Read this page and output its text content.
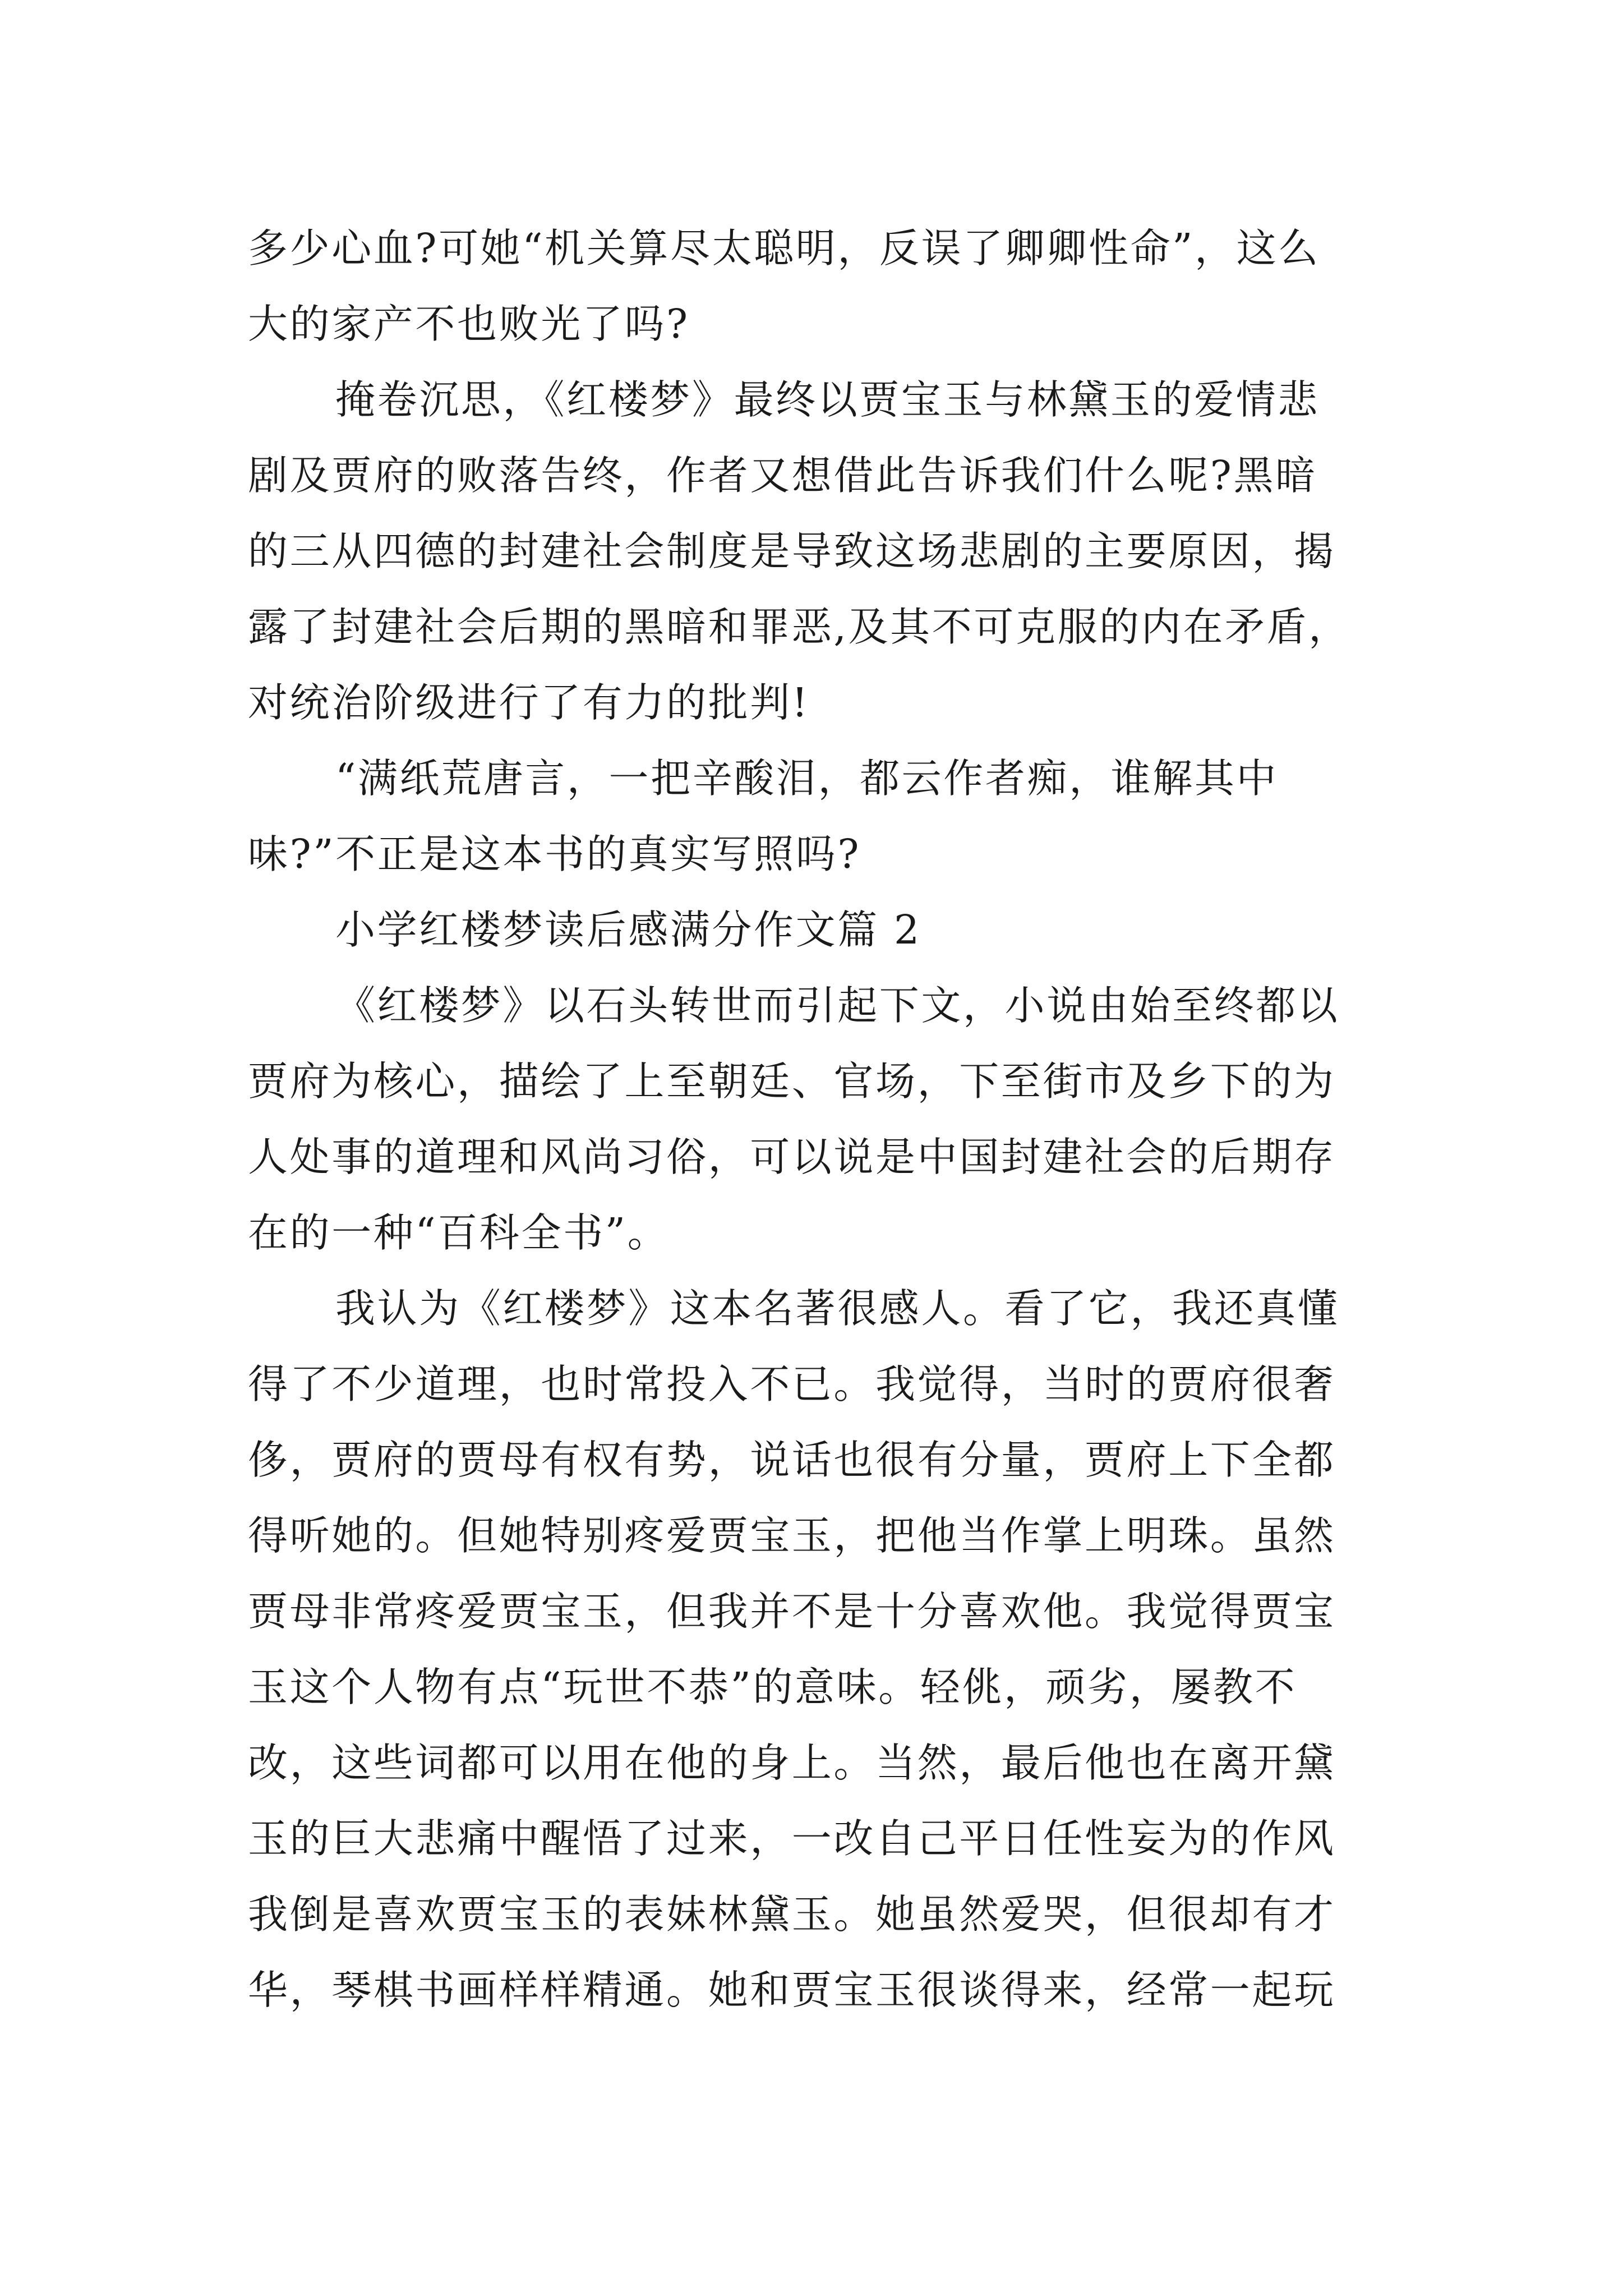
多少心血?可她“机关算尽太聪明，反误了卿卿性命”，这么
大的家产不也败光了吗?
掩卷沉思，《红楼梦》最终以贾宝玉与林黛玉的爱情悲
剧及贾府的败落告终，作者又想借此告诉我们什么呢?黑暗
的三从四德的封建社会制度是导致这场悲剧的主要原因，揭
露了封建社会后期的黑暗和罪恶,及其不可克服的内在矛盾，
对统治阶级进行了有力的批判!
“满纸荒唐言，一把辛酸泪，都云作者痴，谁解其中
味?”不正是这本书的真实写照吗?
小学红楼梦读后感满分作文篇 2
《红楼梦》以石头转世而引起下文，小说由始至终都以
贾府为核心，描绘了上至朝廷、官场，下至街市及乡下的为
人处事的道理和风尚习俗，可以说是中国封建社会的后期存
在的一种“百科全书”。
我认为《红楼梦》这本名著很感人。看了它，我还真懂
得了不少道理，也时常投入不已。我觉得，当时的贾府很奢
侈，贾府的贾母有权有势，说话也很有分量，贾府上下全都
得听她的。但她特别疼爱贾宝玉，把他当作掌上明珠。虽然
贾母非常疼爱贾宝玉，但我并不是十分喜欢他。我觉得贾宝
玉这个人物有点“玩世不恭”的意味。轻佻，顽劣，屡教不
改，这些词都可以用在他的身上。当然，最后他也在离开黛
玉的巨大悲痛中醒悟了过来，一改自己平日任性妄为的作风
我倒是喜欢贾宝玉的表妹林黛玉。她虽然爱哭，但很却有才
华，琴棋书画样样精通。她和贾宝玉很谈得来，经常一起玩
